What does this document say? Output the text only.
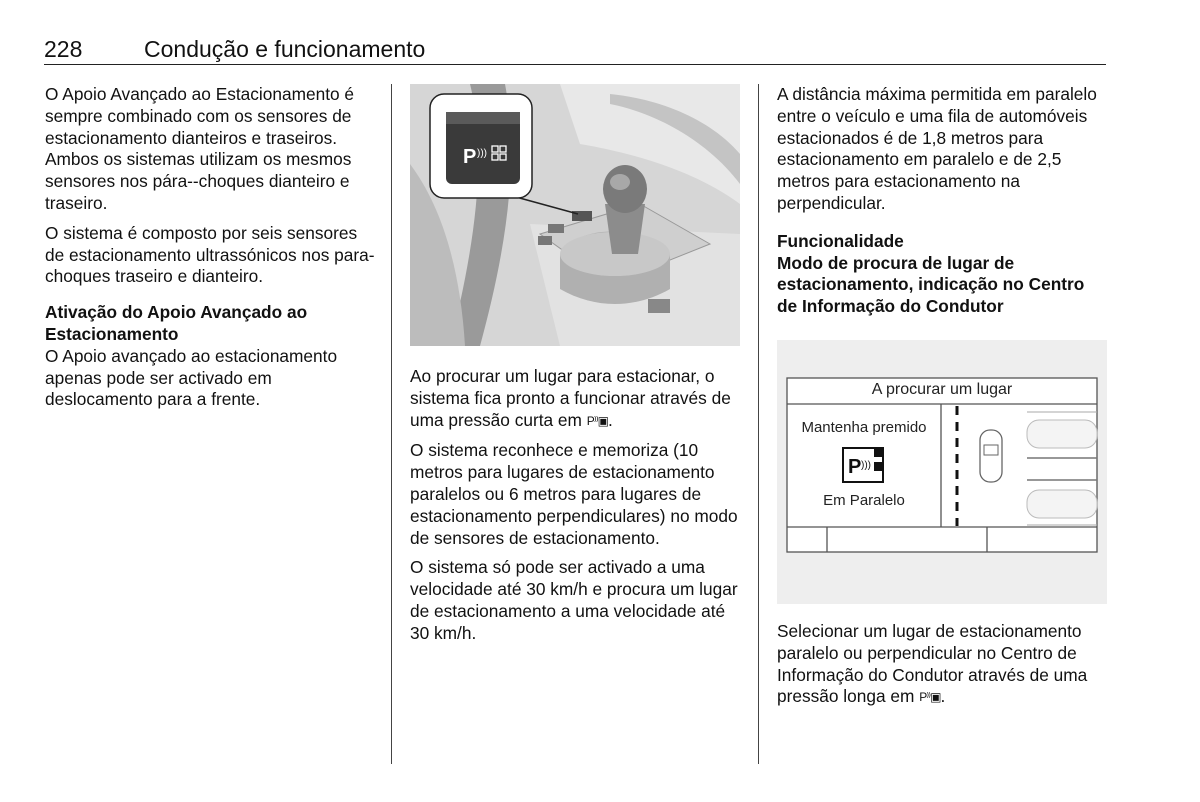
228	Condução e funcionamento

O Apoio Avançado ao Estacionamento é sempre combinado com os sensores de estacionamento dianteiros e traseiros. Ambos os sistemas utilizam os mesmos sensores nos pára--choques dianteiro e traseiro.

O sistema é composto por seis sensores de estacionamento ultrassónicos nos para-choques traseiro e dianteiro.

Ativação do Apoio Avançado ao Estacionamento

O Apoio avançado ao estacionamento apenas pode ser activado em deslocamento para a frente.

P )))

Ao procurar um lugar para estacionar, o sistema fica pronto a funcionar através de uma pressão curta em P⁾⁾▣.

O sistema reconhece e memoriza (10 metros para lugares de estacionamento paralelos ou 6 metros para lugares de estacionamento perpendiculares) no modo de sensores de estacionamento.

O sistema só pode ser activado a uma velocidade até 30 km/h e procura um lugar de estacionamento a uma velocidade até 30 km/h.

A distância máxima permitida em paralelo entre o veículo e uma fila de automóveis estacionados é de 1,8 metros para estacionamento em paralelo e de 2,5 metros para estacionamento na perpendicular.

Funcionalidade
Modo de procura de lugar de estacionamento, indicação no Centro de Informação do Condutor
P )))
A procurar um lugar
Mantenha premido
Em Paralelo

Selecionar um lugar de estacionamento paralelo ou perpendicular no Centro de Informação do Condutor através de uma pressão longa em P⁾⁾▣.
